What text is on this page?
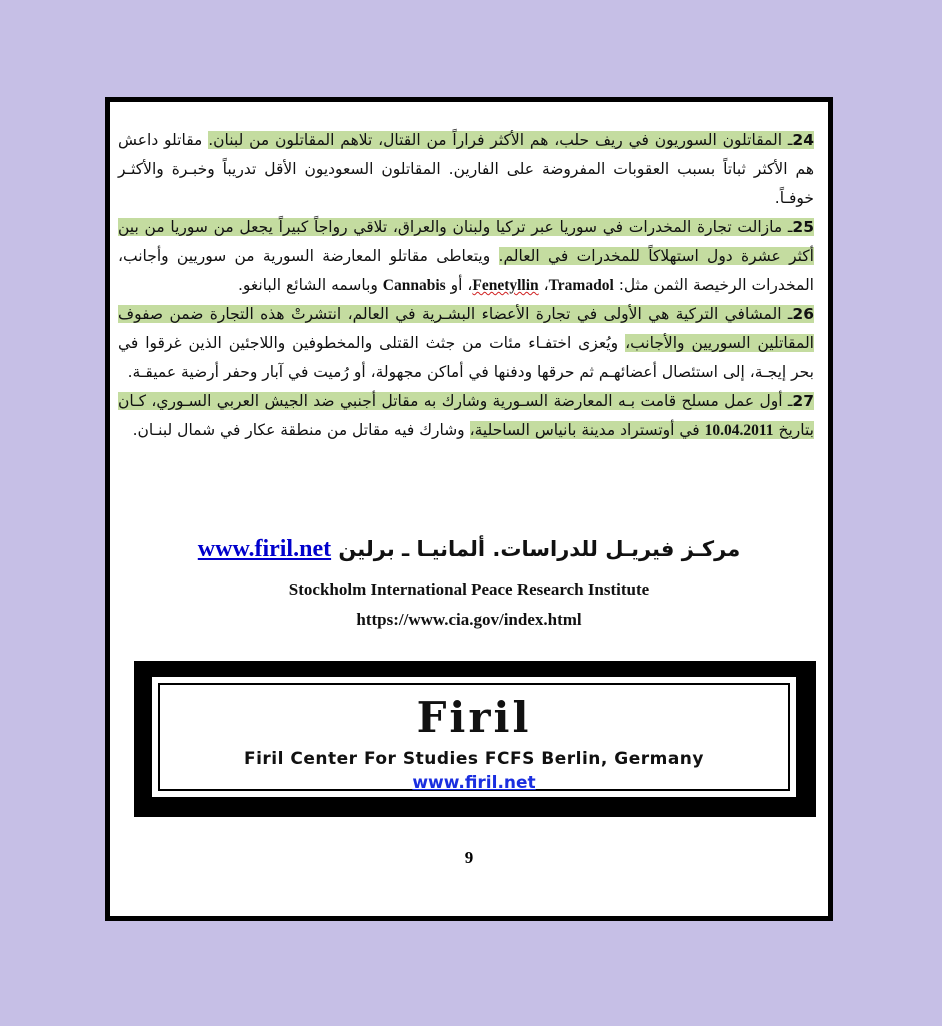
24ـ المقاتلون السوريون في ريف حلب، هم الأكثر فراراً من القتال، تلاهم المقاتلون من لبنان. مقاتلو داعش هم الأكثر ثباتاً بسبب العقوبات المفروضة على الفارين. المقاتلون السعوديون الأقل تدريباً وخبـرة والأكثـر خوفـاً.

25ـ مازالت تجارة المخدرات في سوريا عبر تركيا ولبنان والعراق، تلاقي رواجاً كبيراً يجعل من سوريا من بين أكثر عشرة دول استهلاكاً للمخدرات في العالم. ويتعاطى مقاتلو المعارضة السورية من سوريين وأجانب، المخدرات الرخيصة الثمن مثل: Tramadol، Fenetyllin، أو Cannabis وباسمه الشائع البانغو.

26ـ المشافي التركية هي الأولى في تجارة الأعضاء البشـرية في العالم، انتشرتْ هذه التجارة ضمن صفوف المقاتلين السوريين والأجانب، ويُعزى اختفـاء مئات من جثث القتلى والمخطوفين واللاجئين الذين غرقوا في بحر إيجـة، إلى استئصال أعضائهـم ثم حرقها ودفنها في أماكن مجهولة، أو رُميت في آبار وحفر أرضية عميقـة.

27ـ أول عمل مسلح قامت بـه المعارضة السـورية وشارك به مقاتل أجنبي ضد الجيش العربي السـوري، كـان بتاريخ 10.04.2011 في أوتستراد مدينة بانياس الساحلية، وشارك فيه مقاتل من منطقة عكار في شمال لبنـان.

مركـز فيريـل للدراسات. ألمانيـا ـ برلين www.firil.net
Stockholm International Peace Research Institute
https://www.cia.gov/index.html
Firil
Firil Center For Studies FCFS Berlin, Germany
www.firil.net
9
